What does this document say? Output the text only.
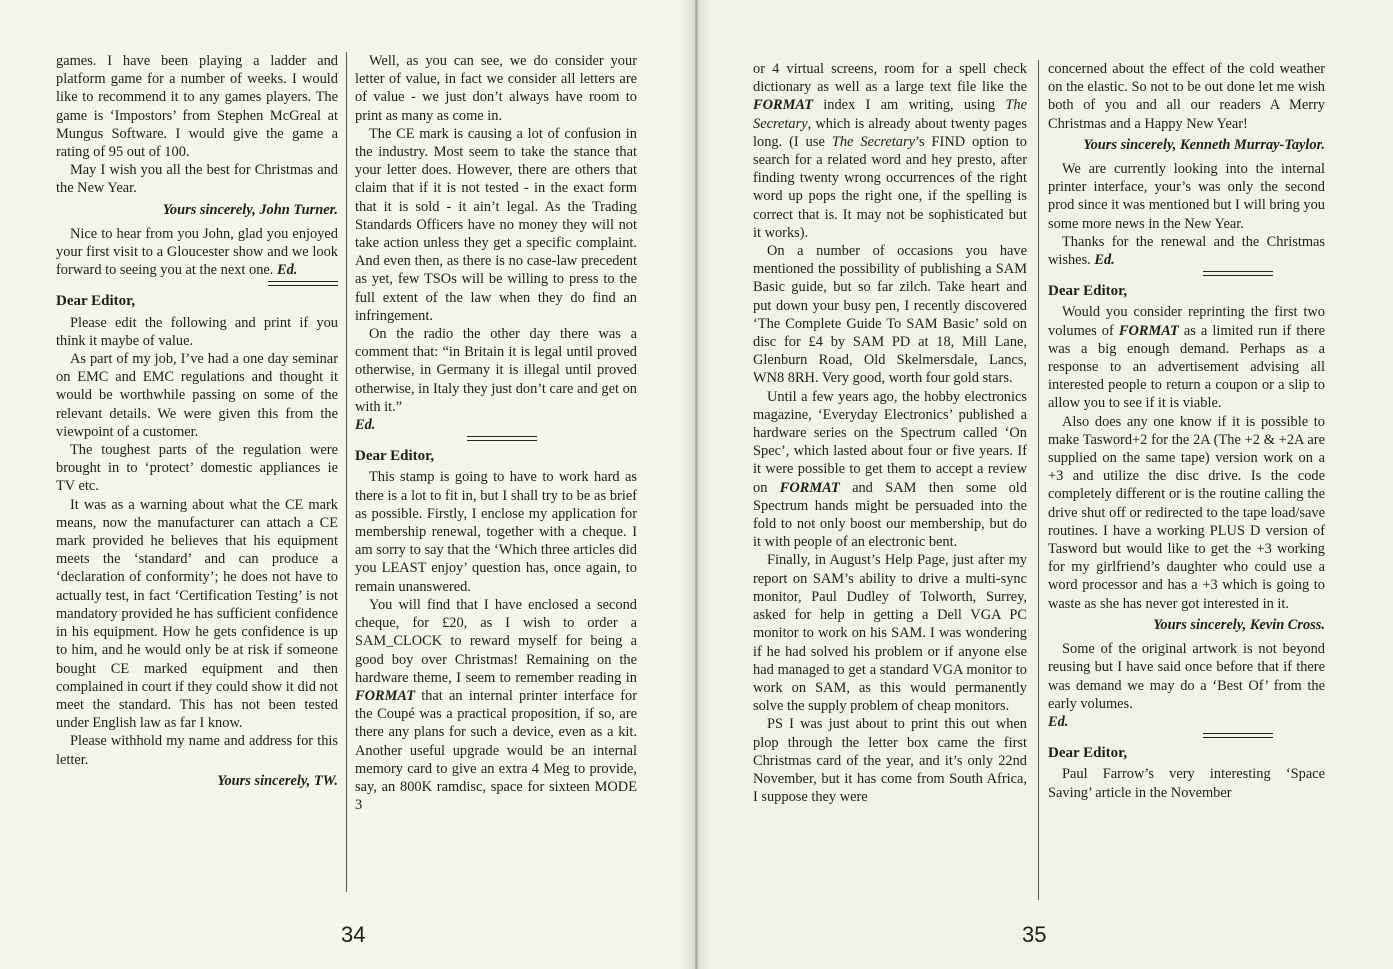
games. I have been playing a ladder and platform game for a number of weeks. I would like to recommend it to any games players. The game is ‘Impostors’ from Stephen McGreal at Mungus Software. I would give the game a rating of 95 out of 100.

May I wish you all the best for Christmas and the New Year.

Yours sincerely, John Turner.

Nice to hear from you John, glad you enjoyed your first visit to a Gloucester show and we look forward to seeing you at the next one. Ed.

Dear Editor,

Please edit the following and print if you think it maybe of value.

As part of my job, I’ve had a one day seminar on EMC and EMC regulations and thought it would be worthwhile passing on some of the relevant details. We were given this from the viewpoint of a customer.

The toughest parts of the regulation were brought in to ‘protect’ domestic appliances ie TV etc.

It was as a warning about what the CE mark means, now the manufacturer can attach a CE mark provided he believes that his equipment meets the ‘standard’ and can produce a ‘declaration of conformity’; he does not have to actually test, in fact ‘Certification Testing’ is not mandatory provided he has sufficient confidence in his equipment. How he gets confidence is up to him, and he would only be at risk if someone bought CE marked equipment and then complained in court if they could show it did not meet the standard. This has not been tested under English law as far I know.

Please withhold my name and address for this letter.

Yours sincerely, TW.

Well, as you can see, we do consider your letter of value, in fact we consider all letters are of value - we just don’t always have room to print as many as come in.

The CE mark is causing a lot of confusion in the industry. Most seem to take the stance that your letter does. However, there are others that claim that if it is not tested - in the exact form that it is sold - it ain’t legal. As the Trading Standards Officers have no money they will not take action unless they get a specific complaint. And even then, as there is no case-law precedent as yet, few TSOs will be willing to press to the full extent of the law when they do find an infringement.

On the radio the other day there was a comment that: “in Britain it is legal until proved otherwise, in Germany it is illegal until proved otherwise, in Italy they just don’t care and get on with it.”

Ed.

Dear Editor,

This stamp is going to have to work hard as there is a lot to fit in, but I shall try to be as brief as possible. Firstly, I enclose my application for membership renewal, together with a cheque. I am sorry to say that the ‘Which three articles did you LEAST enjoy’ question has, once again, to remain unanswered.

You will find that I have enclosed a second cheque, for £20, as I wish to order a SAM_CLOCK to reward myself for being a good boy over Christmas! Remaining on the hardware theme, I seem to remember reading in FORMAT that an internal printer interface for the Coupé was a practical proposition, if so, are there any plans for such a device, even as a kit. Another useful upgrade would be an internal memory card to give an extra 4 Meg to provide, say, an 800K ramdisc, space for sixteen MODE 3

34

or 4 virtual screens, room for a spell check dictionary as well as a large text file like the FORMAT index I am writing, using The Secretary, which is already about twenty pages long. (I use The Secretary’s FIND option to search for a related word and hey presto, after finding twenty wrong occurrences of the right word up pops the right one, if the spelling is correct that is. It may not be sophisticated but it works).

On a number of occasions you have mentioned the possibility of publishing a SAM Basic guide, but so far zilch. Take heart and put down your busy pen, I recently discovered ‘The Complete Guide To SAM Basic’ sold on disc for £4 by SAM PD at 18, Mill Lane, Glenburn Road, Old Skelmersdale, Lancs, WN8 8RH. Very good, worth four gold stars.

Until a few years ago, the hobby electronics magazine, ‘Everyday Electronics’ published a hardware series on the Spectrum called ‘On Spec’, which lasted about four or five years. If it were possible to get them to accept a review on FORMAT and SAM then some old Spectrum hands might be persuaded into the fold to not only boost our membership, but do it with people of an electronic bent.

Finally, in August’s Help Page, just after my report on SAM’s ability to drive a multi-sync monitor, Paul Dudley of Tolworth, Surrey, asked for help in getting a Dell VGA PC monitor to work on his SAM. I was wondering if he had solved his problem or if anyone else had managed to get a standard VGA monitor to work on SAM, as this would permanently solve the supply problem of cheap monitors.

PS I was just about to print this out when plop through the letter box came the first Christmas card of the year, and it’s only 22nd November, but it has come from South Africa, I suppose they were

concerned about the effect of the cold weather on the elastic. So not to be out done let me wish both of you and all our readers A Merry Christmas and a Happy New Year!

Yours sincerely, Kenneth Murray-Taylor.

We are currently looking into the internal printer interface, your’s was only the second prod since it was mentioned but I will bring you some more news in the New Year.

Thanks for the renewal and the Christmas wishes. Ed.

Dear Editor,

Would you consider reprinting the first two volumes of FORMAT as a limited run if there was a big enough demand. Perhaps as a response to an advertisement advising all interested people to return a coupon or a slip to allow you to see if it is viable.

Also does any one know if it is possible to make Tasword+2 for the 2A (The +2 & +2A are supplied on the same tape) version work on a +3 and utilize the disc drive. Is the code completely different or is the routine calling the drive shut off or redirected to the tape load/save routines. I have a working PLUS D version of Tasword but would like to get the +3 working for my girlfriend’s daughter who could use a word processor and has a +3 which is going to waste as she has never got interested in it.

Yours sincerely, Kevin Cross.

Some of the original artwork is not beyond reusing but I have said once before that if there was demand we may do a ‘Best Of’ from the early volumes.

Ed.

Dear Editor,

Paul Farrow’s very interesting ‘Space Saving’ article in the November

35
